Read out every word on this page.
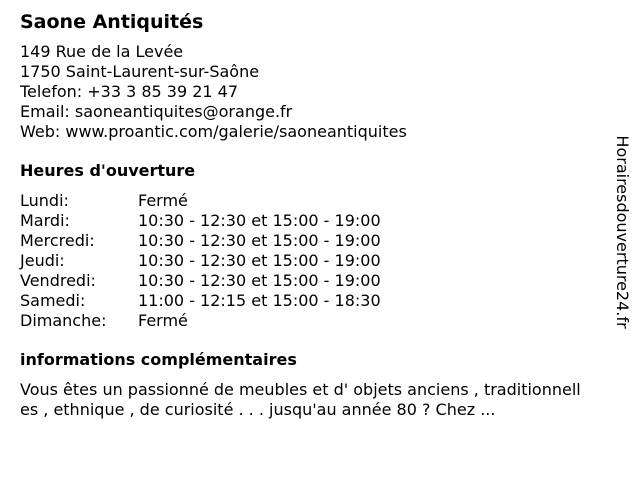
Saone Antiquités
149 Rue de la Levée
1750 Saint-Laurent-sur-Saône
Telefon: +33 3 85 39 21 47
Email: saoneantiquites@orange.fr
Web: www.proantic.com/galerie/saoneantiquites
Heures d'ouverture
Lundi:	Fermé
Mardi:	10:30 - 12:30 et 15:00 - 19:00
Mercredi:	10:30 - 12:30 et 15:00 - 19:00
Jeudi:	10:30 - 12:30 et 15:00 - 19:00
Vendredi:	10:30 - 12:30 et 15:00 - 19:00
Samedi:	11:00 - 12:15 et 15:00 - 18:30
Dimanche:	Fermé
informations complémentaires
Vous êtes un passionné de meubles et d' objets anciens , traditionnelles , ethnique , de curiosité . . . jusqu'au année 80 ? Chez ...
Horairesdouverture24.fr
